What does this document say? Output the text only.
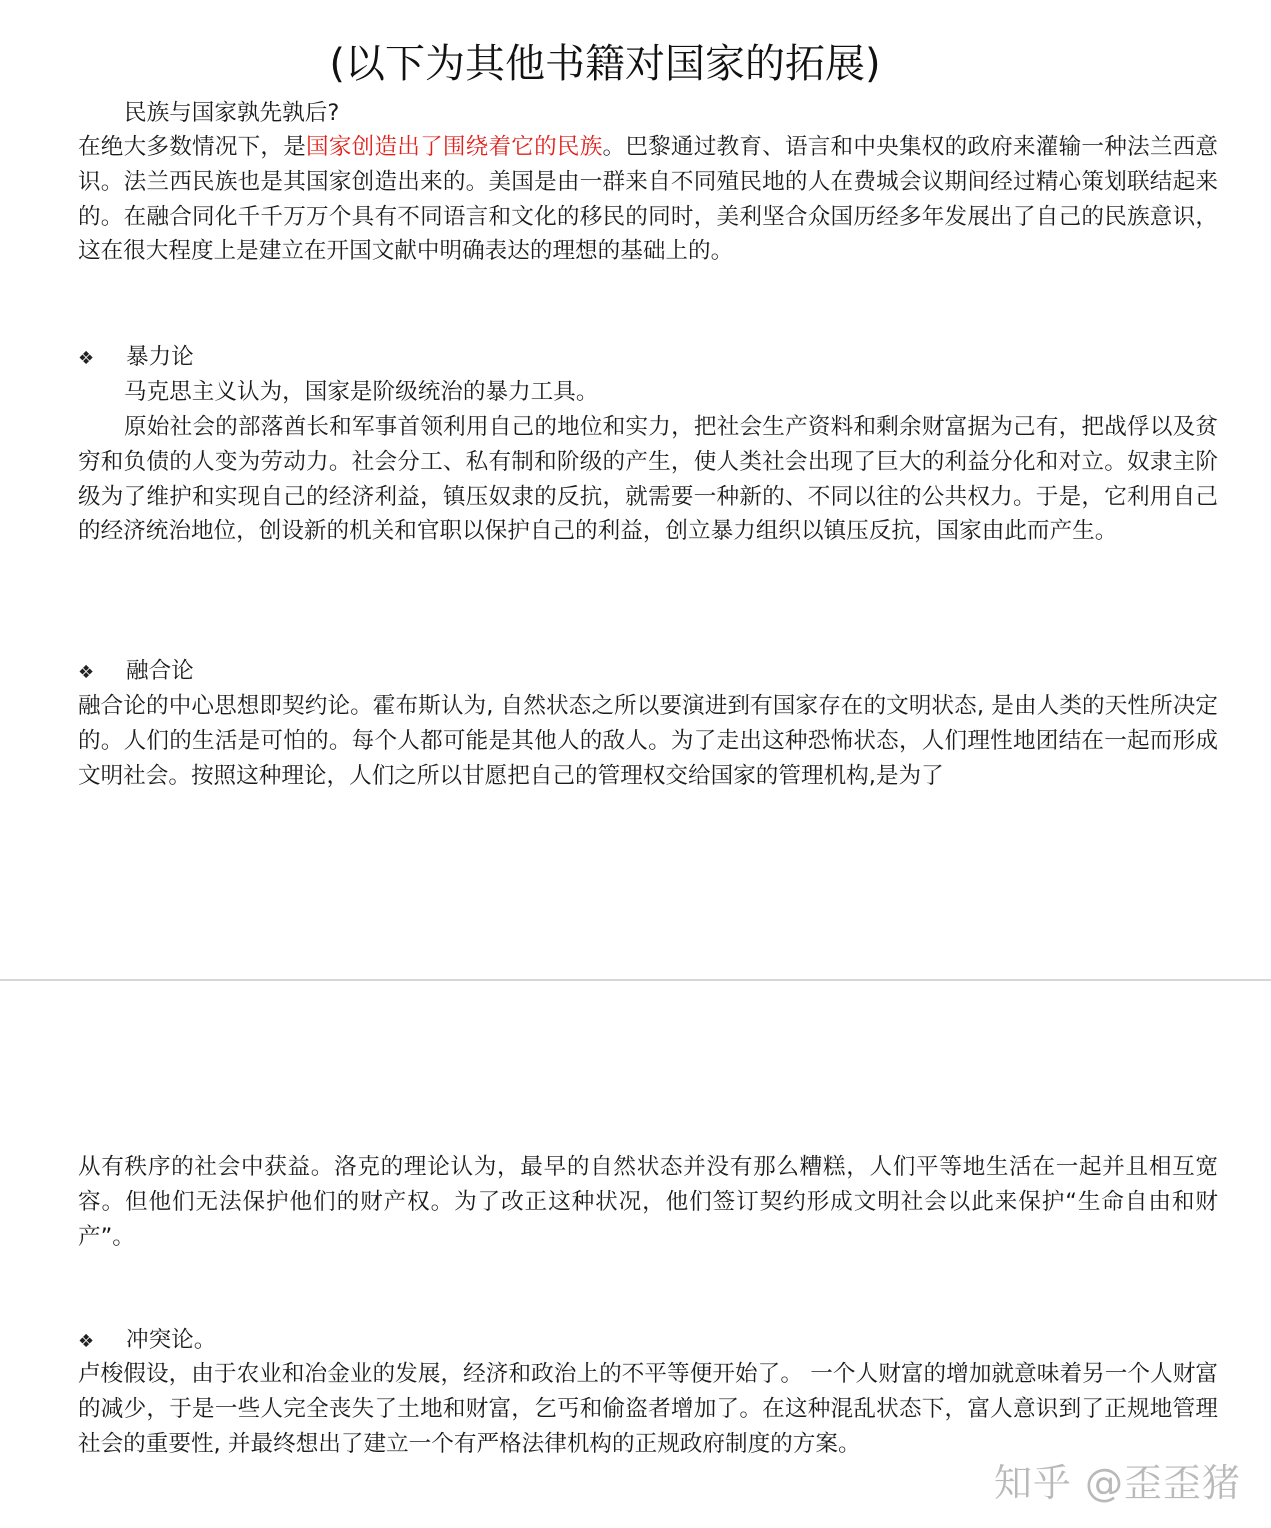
(以下为其他书籍对国家的拓展)
民族与国家孰先孰后?
在绝大多数情况下，是国家创造出了围绕着它的民族。巴黎通过教育、语言和中央集权的政府来灌输一种法兰西意识。法兰西民族也是其国家创造出来的。美国是由一群来自不同殖民地的人在费城会议期间经过精心策划联结起来的。在融合同化千千万万个具有不同语言和文化的移民的同时，美利坚合众国历经多年发展出了自己的民族意识，这在很大程度上是建立在开国文献中明确表达的理想的基础上的。
❖ 暴力论
马克思主义认为，国家是阶级统治的暴力工具。
原始社会的部落酋长和军事首领利用自己的地位和实力，把社会生产资料和剩余财富据为己有，把战俘以及贫穷和负债的人变为劳动力。社会分工、私有制和阶级的产生，使人类社会出现了巨大的利益分化和对立。奴隶主阶级为了维护和实现自己的经济利益，镇压奴隶的反抗，就需要一种新的、不同以往的公共权力。于是，它利用自己的经济统治地位，创设新的机关和官职以保护自己的利益，创立暴力组织以镇压反抗，国家由此而产生。
❖ 融合论
融合论的中心思想即契约论。霍布斯认为, 自然状态之所以要演进到有国家存在的文明状态, 是由人类的天性所决定的。人们的生活是可怕的。每个人都可能是其他人的敌人。为了走出这种恐怖状态，人们理性地团结在一起而形成文明社会。按照这种理论，人们之所以甘愿把自己的管理权交给国家的管理机构,是为了
从有秩序的社会中获益。洛克的理论认为，最早的自然状态并没有那么糟糕，人们平等地生活在一起并且相互宽容。但他们无法保护他们的财产权。为了改正这种状况，他们签订契约形成文明社会以此来保护“生命自由和财产”。
❖ 冲突论。
卢梭假设，由于农业和冶金业的发展，经济和政治上的不平等便开始了。 一个人财富的增加就意味着另一个人财富的减少，于是一些人完全丧失了土地和财富，乞丐和偷盗者增加了。在这种混乱状态下，富人意识到了正规地管理社会的重要性, 并最终想出了建立一个有严格法律机构的正规政府制度的方案。
知乎 @歪歪猪
